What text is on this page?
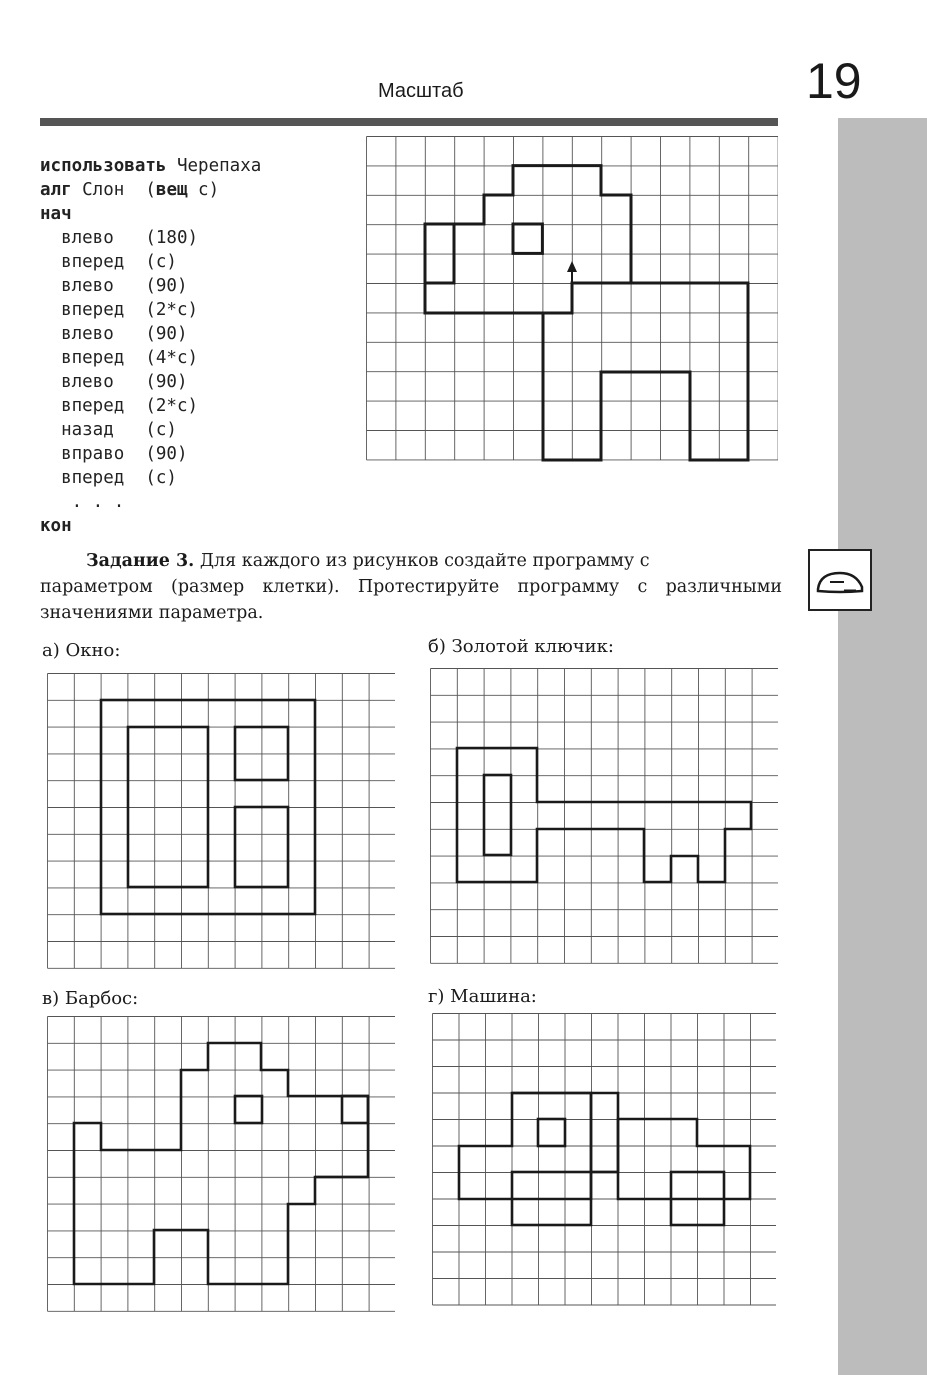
19
Масштаб
использовать Черепаха
алг Слон  (вещ с)
нач
влево   (180)
вперед  (с)
влево   (90)
вперед  (2*с)
влево   (90)
вперед  (4*с)
влево   (90)
вперед  (2*с)
назад   (с)
вправо  (90)
вперед  (с)
. . .
кон
Задание 3. Для каждого из рисунков создайте программу с
параметром (размер клетки). Протестируйте программу с различными значениями параметра.
а) Окно:	б) Золотой ключик:
в) Барбос:	г) Машина:
